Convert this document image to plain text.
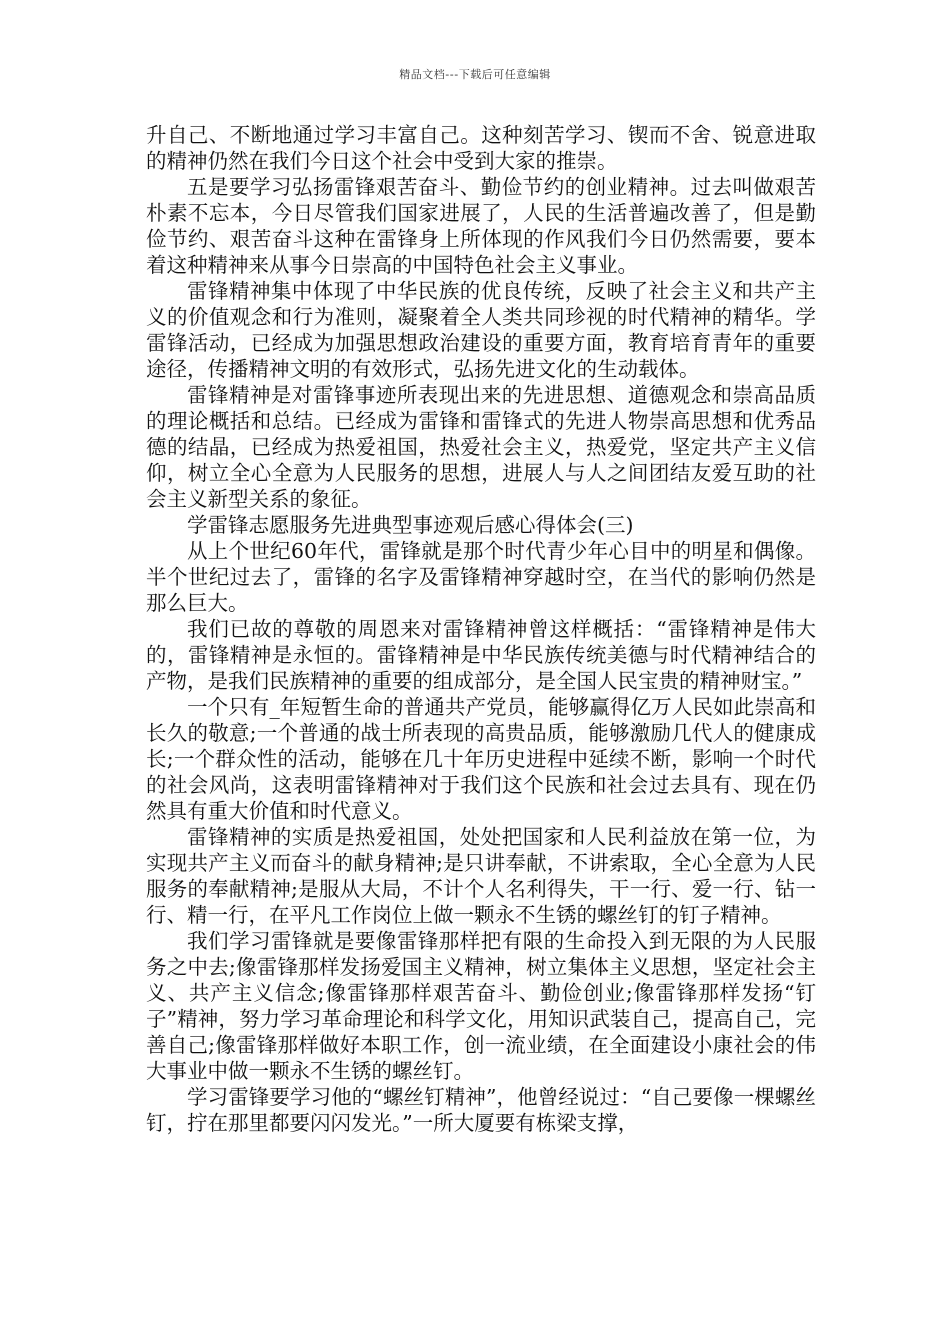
精品文档---下载后可任意编辑

升自己、不断地通过学习丰富自己。这种刻苦学习、锲而不舍、锐意进取的精神仍然在我们今日这个社会中受到大家的推崇。

五是要学习弘扬雷锋艰苦奋斗、勤俭节约的创业精神。过去叫做艰苦朴素不忘本，今日尽管我们国家进展了，人民的生活普遍改善了，但是勤俭节约、艰苦奋斗这种在雷锋身上所体现的作风我们今日仍然需要，要本着这种精神来从事今日崇高的中国特色社会主义事业。

雷锋精神集中体现了中华民族的优良传统，反映了社会主义和共产主义的价值观念和行为准则，凝聚着全人类共同珍视的时代精神的精华。学雷锋活动，已经成为加强思想政治建设的重要方面，教育培育青年的重要途径，传播精神文明的有效形式，弘扬先进文化的生动载体。

雷锋精神是对雷锋事迹所表现出来的先进思想、道德观念和崇高品质的理论概括和总结。已经成为雷锋和雷锋式的先进人物崇高思想和优秀品德的结晶，已经成为热爱祖国，热爱社会主义，热爱党，坚定共产主义信仰，树立全心全意为人民服务的思想，进展人与人之间团结友爱互助的社会主义新型关系的象征。

学雷锋志愿服务先进典型事迹观后感心得体会(三)

从上个世纪60年代，雷锋就是那个时代青少年心目中的明星和偶像。半个世纪过去了，雷锋的名字及雷锋精神穿越时空，在当代的影响仍然是那么巨大。

我们已故的尊敬的周恩来对雷锋精神曾这样概括：“雷锋精神是伟大的，雷锋精神是永恒的。雷锋精神是中华民族传统美德与时代精神结合的产物，是我们民族精神的重要的组成部分，是全国人民宝贵的精神财宝。”

一个只有_年短暂生命的普通共产党员，能够赢得亿万人民如此崇高和长久的敬意;一个普通的战士所表现的高贵品质，能够激励几代人的健康成长;一个群众性的活动，能够在几十年历史进程中延续不断，影响一个时代的社会风尚，这表明雷锋精神对于我们这个民族和社会过去具有、现在仍然具有重大价值和时代意义。

雷锋精神的实质是热爱祖国，处处把国家和人民利益放在第一位，为实现共产主义而奋斗的献身精神;是只讲奉献，不讲索取，全心全意为人民服务的奉献精神;是服从大局，不计个人名利得失，干一行、爱一行、钻一行、精一行，在平凡工作岗位上做一颗永不生锈的螺丝钉的钉子精神。

我们学习雷锋就是要像雷锋那样把有限的生命投入到无限的为人民服务之中去;像雷锋那样发扬爱国主义精神，树立集体主义思想，坚定社会主义、共产主义信念;像雷锋那样艰苦奋斗、勤俭创业;像雷锋那样发扬“钉子”精神，努力学习革命理论和科学文化，用知识武装自己，提高自己，完善自己;像雷锋那样做好本职工作，创一流业绩，在全面建设小康社会的伟大事业中做一颗永不生锈的螺丝钉。

学习雷锋要学习他的“螺丝钉精神”，他曾经说过：“自己要像一棵螺丝钉，拧在那里都要闪闪发光。”一所大厦要有栋梁支撑，
